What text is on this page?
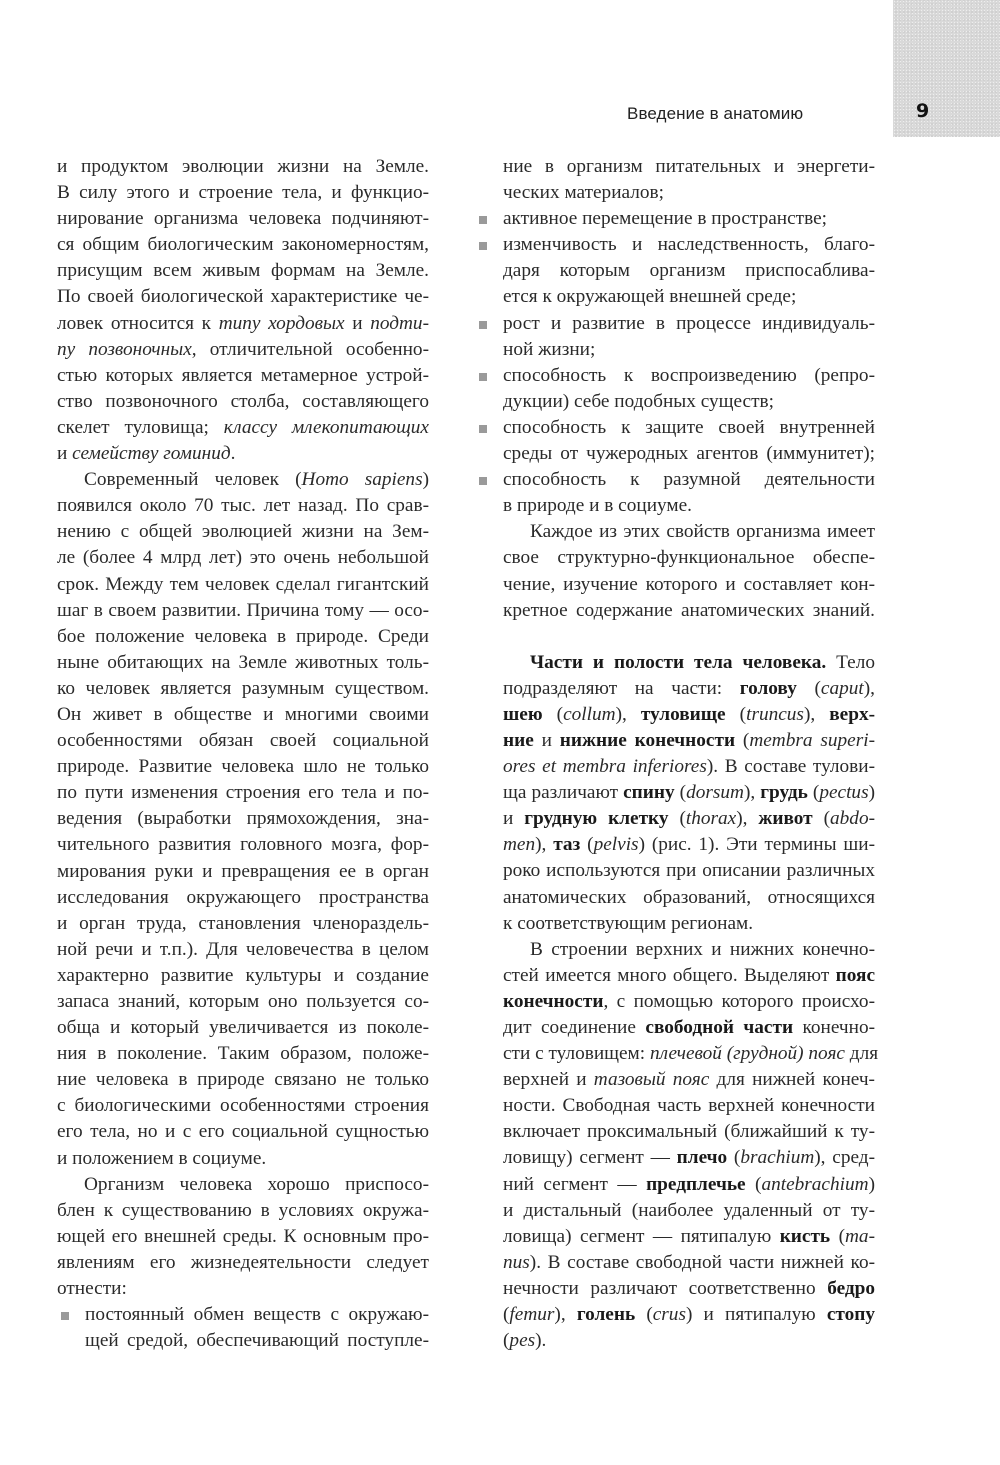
9
Введение в анатомию

и продуктом эволюции жизни на Земле.
В силу этого и строение тела, и функцио-
нирование организма человека подчиняют-
ся общим биологическим закономерностям,
присущим всем живым формам на Земле.
По своей биологической характеристике че-
ловек относится к типу хордовых и подти-
пу позвоночных, отличительной особенно-
стью которых является метамерное устрой-
ство позвоночного столба, составляющего
скелет туловища; классу млекопитающих
и семейству гоминид.

Современный человек (Homo sapiens)
появился около 70 тыс. лет назад. По срав-
нению с общей эволюцией жизни на Зем-
ле (более 4 млрд лет) это очень небольшой
срок. Между тем человек сделал гигантский
шаг в своем развитии. Причина тому — осо-
бое положение человека в природе. Среди
ныне обитающих на Земле животных толь-
ко человек является разумным существом.
Он живет в обществе и многими своими
особенностями обязан своей социальной
природе. Развитие человека шло не только
по пути изменения строения его тела и по-
ведения (выработки прямохождения, зна-
чительного развития головного мозга, фор-
мирования руки и превращения ее в орган
исследования окружающего пространства
и орган труда, становления членораздель-
ной речи и т.п.). Для человечества в целом
характерно развитие культуры и создание
запаса знаний, которым оно пользуется со-
обща и который увеличивается из поколе-
ния в поколение. Таким образом, положе-
ние человека в природе связано не только
с биологическими особенностями строения
его тела, но и с его социальной сущностью
и положением в социуме.

Организм человека хорошо приспосо-
блен к существованию в условиях окружа-
ющей его внешней среды. К основным про-
явлениям его жизнедеятельности следует
отнести:

постоянный обмен веществ с окружаю-
щей средой, обеспечивающий поступле-
ние в организм питательных и энергети-
ческих материалов;
активное перемещение в пространстве;
изменчивость и наследственность, благо-
даря которым организм приспосаблива-
ется к окружающей внешней среде;
рост и развитие в процессе индивидуаль-
ной жизни;
способность к воспроизведению (репро-
дукции) себе подобных существ;
способность к защите своей внутренней
среды от чужеродных агентов (иммунитет);
способность к разумной деятельности
в природе и в социуме.

Каждое из этих свойств организма имеет
свое структурно-функциональное обеспе-
чение, изучение которого и составляет кон-
кретное содержание анатомических знаний.

Части и полости тела человека. Тело
подразделяют на части: голову (caput),
шею (collum), туловище (truncus), верх-
ние и нижние конечности (membra superi-
ores et membra inferiores). В составе тулови-
ща различают спину (dorsum), грудь (pectus)
и грудную клетку (thorax), живот (abdo-
men), таз (pelvis) (рис. 1). Эти термины ши-
роко используются при описании различных
анатомических образований, относящихся
к соответствующим регионам.

В строении верхних и нижних конечно-
стей имеется много общего. Выделяют пояс
конечности, с помощью которого происхо-
дит соединение свободной части конечно-
сти с туловищем: плечевой (грудной) пояс для
верхней и тазовый пояс для нижней конеч-
ности. Свободная часть верхней конечности
включает проксимальный (ближайший к ту-
ловищу) сегмент — плечо (brachium), сред-
ний сегмент — предплечье (antebrachium)
и дистальный (наиболее удаленный от ту-
ловища) сегмент — пятипалую кисть (ma-
nus). В составе свободной части нижней ко-
нечности различают соответственно бедро
(femur), голень (crus) и пятипалую стопу
(pes).
